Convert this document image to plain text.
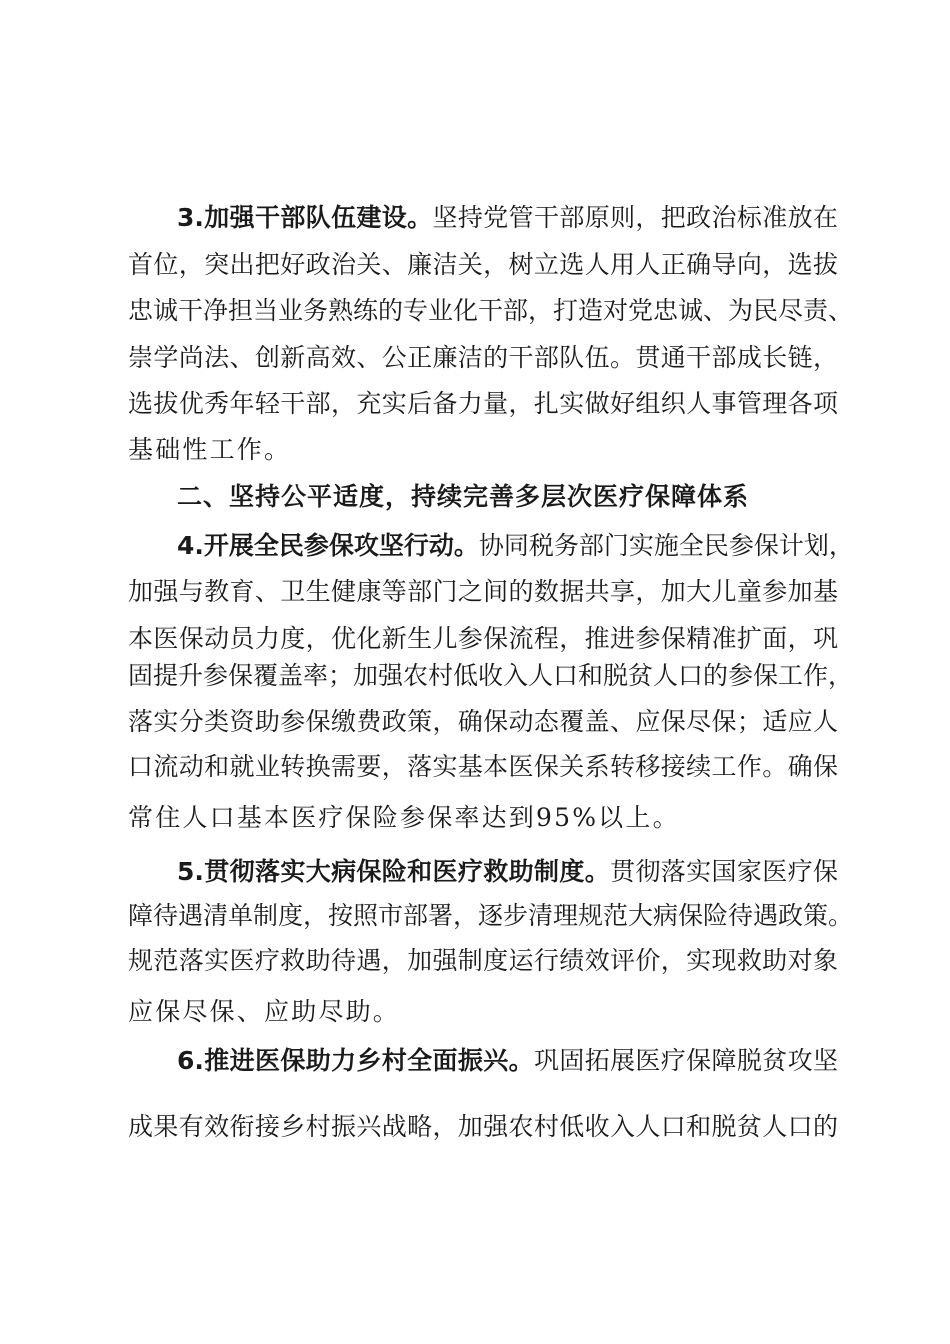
3.加强干部队伍建设。坚持党管干部原则，把政治标准放在
首位，突出把好政治关、廉洁关，树立选人用人正确导向，选拔
忠诚干净担当业务熟练的专业化干部，打造对党忠诚、为民尽责、
崇学尚法、创新高效、公正廉洁的干部队伍。贯通干部成长链，
选拔优秀年轻干部，充实后备力量，扎实做好组织人事管理各项
基础性工作。
二、坚持公平适度，持续完善多层次医疗保障体系
4.开展全民参保攻坚行动。协同税务部门实施全民参保计划，
加强与教育、卫生健康等部门之间的数据共享，加大儿童参加基
本医保动员力度，优化新生儿参保流程，推进参保精准扩面，巩
固提升参保覆盖率；加强农村低收入人口和脱贫人口的参保工作，
落实分类资助参保缴费政策，确保动态覆盖、应保尽保；适应人
口流动和就业转换需要，落实基本医保关系转移接续工作。确保
常住人口基本医疗保险参保率达到95%以上。
5.贯彻落实大病保险和医疗救助制度。贯彻落实国家医疗保
障待遇清单制度，按照市部署，逐步清理规范大病保险待遇政策。
规范落实医疗救助待遇，加强制度运行绩效评价，实现救助对象
应保尽保、应助尽助。
6.推进医保助力乡村全面振兴。巩固拓展医疗保障脱贫攻坚
成果有效衔接乡村振兴战略，加强农村低收入人口和脱贫人口的
